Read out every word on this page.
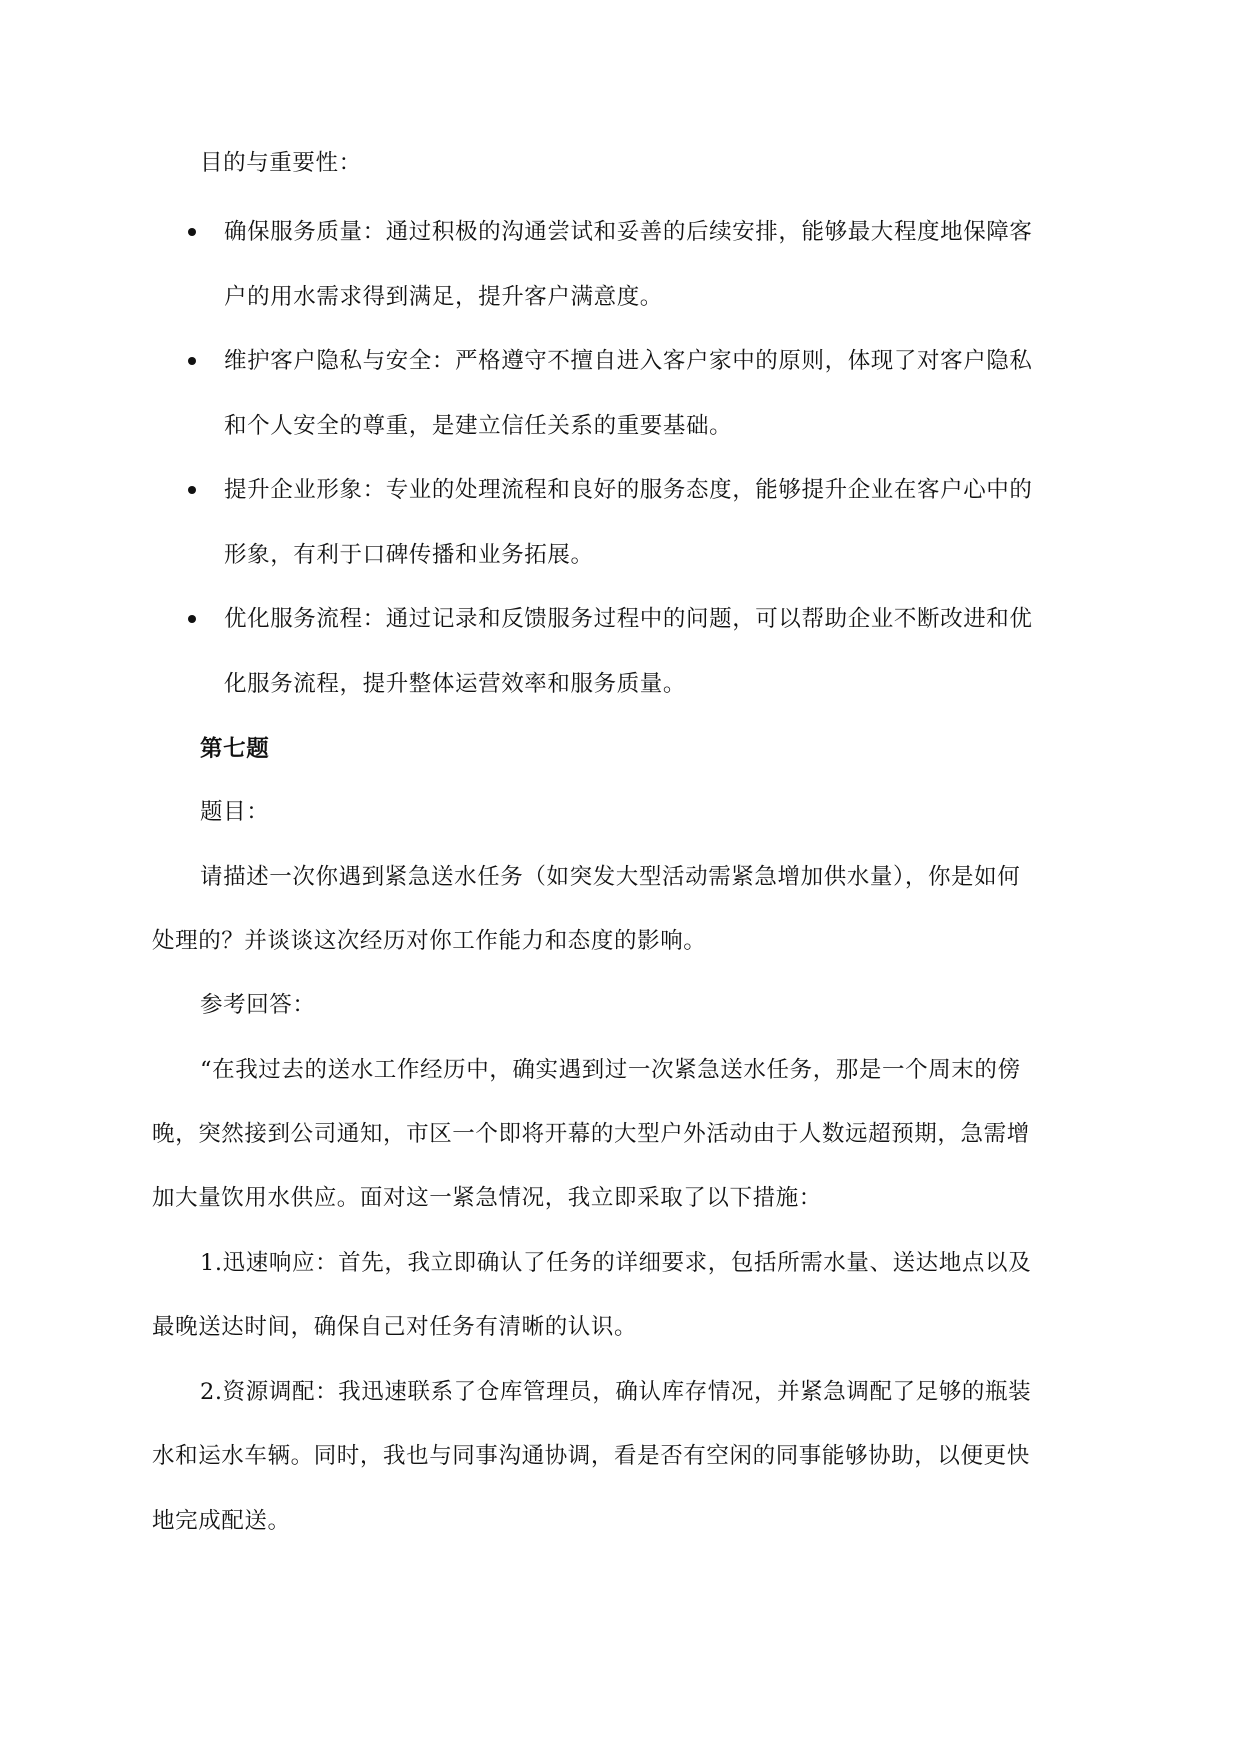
目的与重要性：
确保服务质量：通过积极的沟通尝试和妥善的后续安排，能够最大程度地保障客
户的用水需求得到满足，提升客户满意度。
维护客户隐私与安全：严格遵守不擅自进入客户家中的原则，体现了对客户隐私
和个人安全的尊重，是建立信任关系的重要基础。
提升企业形象：专业的处理流程和良好的服务态度，能够提升企业在客户心中的
形象，有利于口碑传播和业务拓展。
优化服务流程：通过记录和反馈服务过程中的问题，可以帮助企业不断改进和优
化服务流程，提升整体运营效率和服务质量。
第七题
题目：
请描述一次你遇到紧急送水任务（如突发大型活动需紧急增加供水量），你是如何
处理的？并谈谈这次经历对你工作能力和态度的影响。
参考回答：
“在我过去的送水工作经历中，确实遇到过一次紧急送水任务，那是一个周末的傍
晚，突然接到公司通知，市区一个即将开幕的大型户外活动由于人数远超预期，急需增
加大量饮用水供应。面对这一紧急情况，我立即采取了以下措施：
1.迅速响应：首先，我立即确认了任务的详细要求，包括所需水量、送达地点以及
最晚送达时间，确保自己对任务有清晰的认识。
2.资源调配：我迅速联系了仓库管理员，确认库存情况，并紧急调配了足够的瓶装
水和运水车辆。同时，我也与同事沟通协调，看是否有空闲的同事能够协助，以便更快
地完成配送。
